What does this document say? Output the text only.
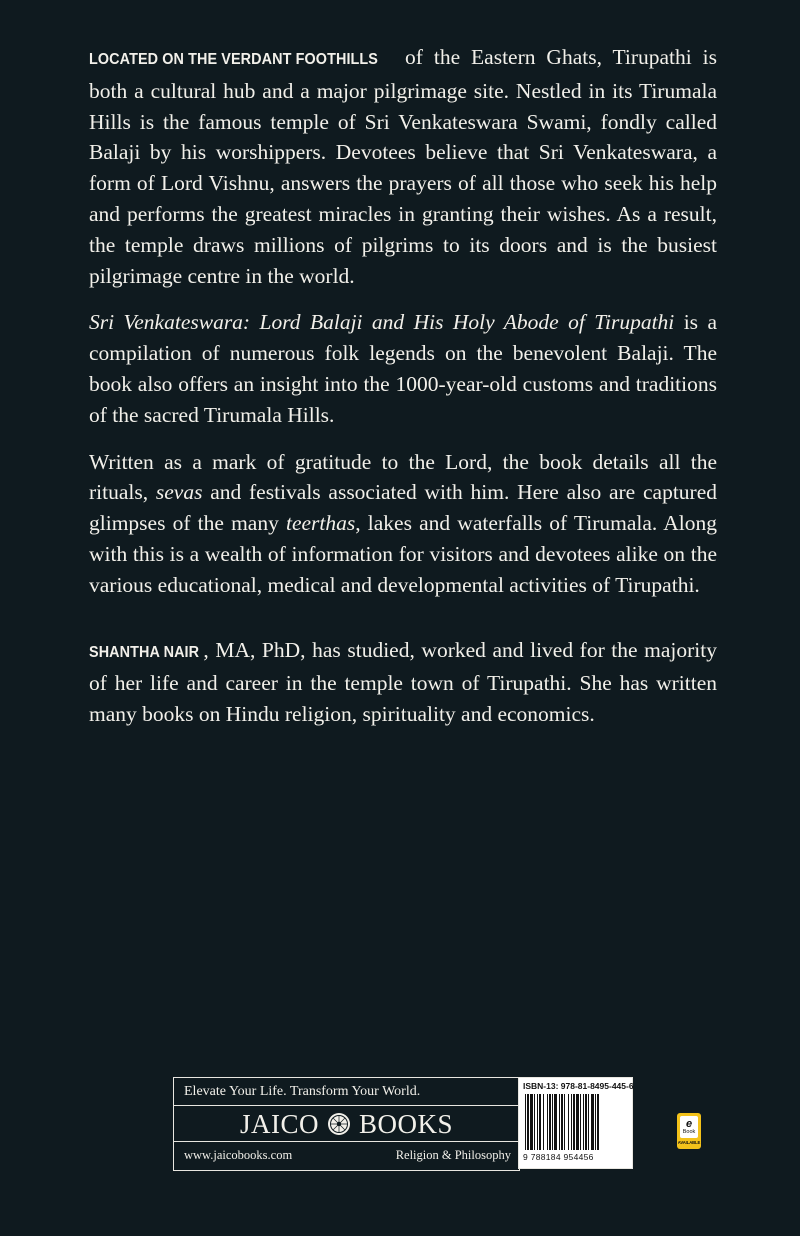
LOCATED ON THE VERDANT FOOTHILLS of the Eastern Ghats, Tirupathi is both a cultural hub and a major pilgrimage site. Nestled in its Tirumala Hills is the famous temple of Sri Venkateswara Swami, fondly called Balaji by his worshippers. Devotees believe that Sri Venkateswara, a form of Lord Vishnu, answers the prayers of all those who seek his help and performs the greatest miracles in granting their wishes. As a result, the temple draws millions of pilgrims to its doors and is the busiest pilgrimage centre in the world.

Sri Venkateswara: Lord Balaji and His Holy Abode of Tirupathi is a compilation of numerous folk legends on the benevolent Balaji. The book also offers an insight into the 1000-year-old customs and traditions of the sacred Tirumala Hills.

Written as a mark of gratitude to the Lord, the book details all the rituals, sevas and festivals associated with him. Here also are captured glimpses of the many teerthas, lakes and waterfalls of Tirumala. Along with this is a wealth of information for visitors and devotees alike on the various educational, medical and developmental activities of Tirupathi.

SHANTHA NAIR , MA, PhD, has studied, worked and lived for the majority of her life and career in the temple town of Tirupathi. She has written many books on Hindu religion, spirituality and economics.

Elevate Your Life. Transform Your World.
JAICO BOOKS
www.jaicobooks.com	Religion & Philosophy
ISBN-13: 978-81-8495-445-6
9 788184 954456
e
Book
AVAILABLE
